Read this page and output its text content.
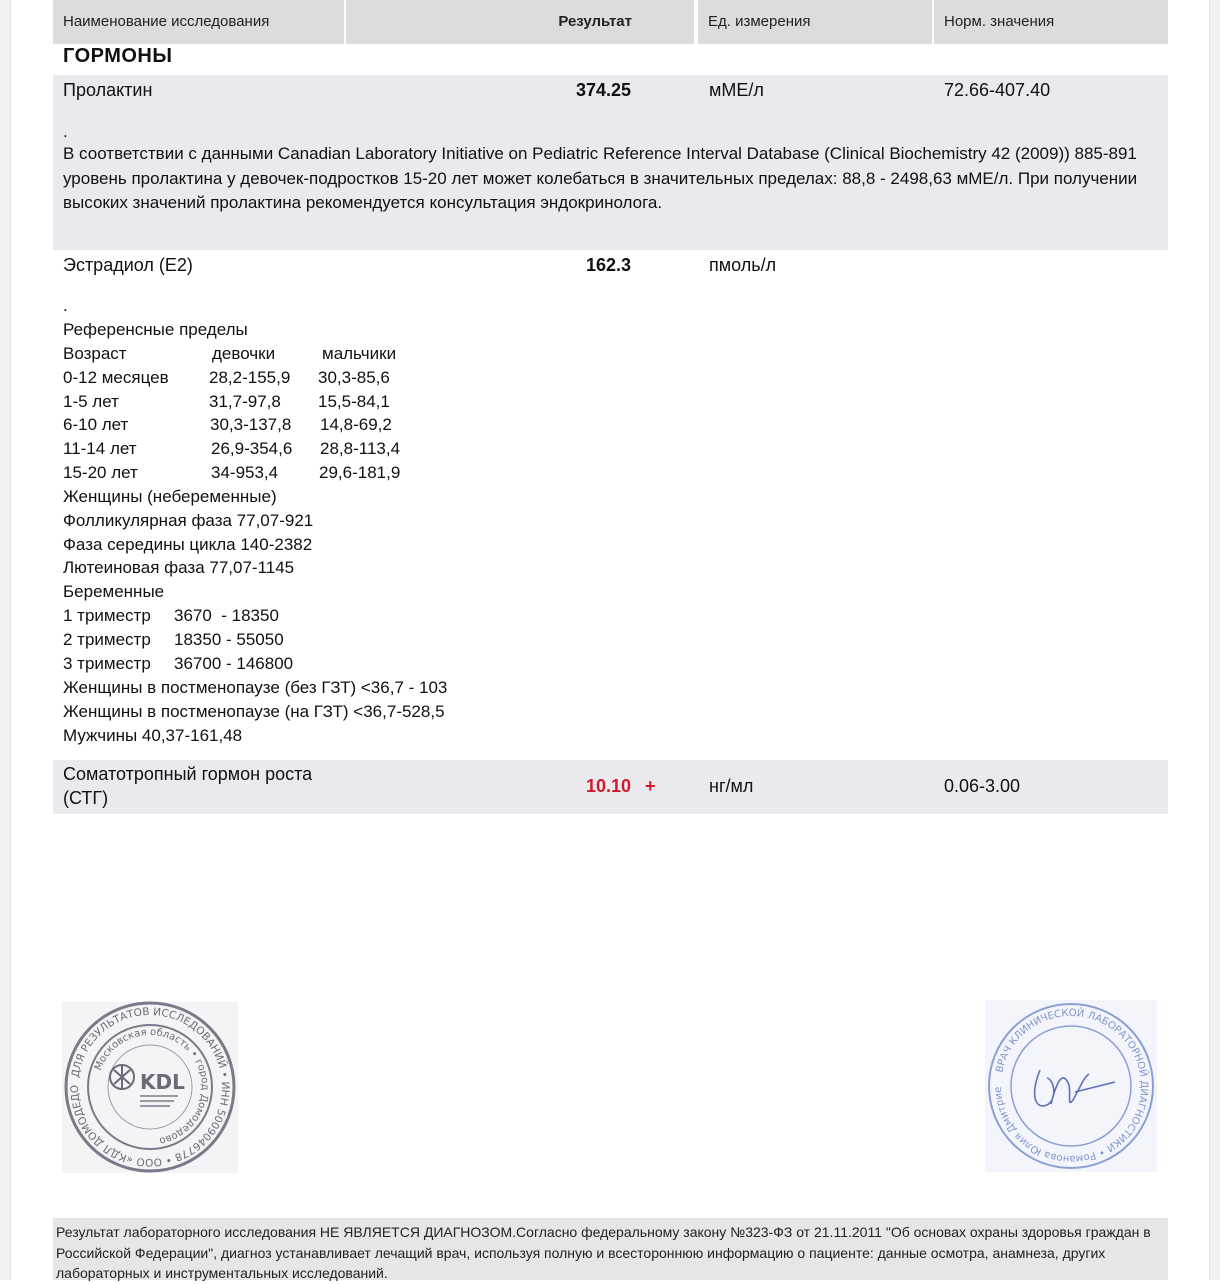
Наименование исследования	Результат	Ед. измерения	Норм. значения
ГОРМОНЫ
Пролактин	374.25	мМЕ/л	72.66-407.40
.
В соответствии с данными Canadian Laboratory Initiative on Pediatric Reference Interval Database (Clinical Biochemistry 42 (2009)) 885-891 уровень пролактина у девочек-подростков 15-20 лет может колебаться в значительных пределах: 88,8 - 2498,63 мМЕ/л. При получении высоких значений пролактина рекомендуется консультация эндокринолога.
Эстрадиол (Е2)	162.3	пмоль/л
.
Референсные пределы
Возраст	девочки	мальчики
0-12 месяцев 28,2-155,9 30,3-85,6
1-5 лет	31,7-97,8 15,5-84,1
6-10 лет	30,3-137,8 14,8-69,2
11-14 лет	26,9-354,6 28,8-113,4
15-20 лет	34-953,4 29,6-181,9
Женщины (небеременные)
Фолликулярная фаза 77,07-921
Фаза середины цикла 140-2382
Лютеиновая фаза 77,07-1145
Беременные
1 триместр 3670  - 18350
2 триместр 18350 - 55050
3 триместр 36700 - 146800
Женщины в постменопаузе (без ГЗТ) <36,7 - 103
Женщины в постменопаузе (на ГЗТ) <36,7-528,5
Мужчины 40,37-161,48
Соматотропный гормон роста
(СТГ)
10.10 +	нг/мл	0.06-3.00
ДЛЯ РЕЗУЛЬТАТОВ ИССЛЕДОВАНИЙ • ИНН 5009046778 • ООО «КДЛ ДОМОДЕДО
Московская область • город Домодедово
KDL
ВРАЧ КЛИНИЧЕСКОЙ ЛАБОРАТОРНОЙ ДИАГНОСТИКИ • Романова Юлия Дмитрие
Результат лабораторного исследования НЕ ЯВЛЯЕТСЯ ДИАГНОЗОМ.Согласно федеральному закону №323-ФЗ от 21.11.2011 "Об основах охраны здоровья граждан в Российской Федерации", диагноз устанавливает лечащий врач, используя полную и всестороннюю информацию о пациенте: данные осмотра, анамнеза, других лабораторных и инструментальных исследований.
